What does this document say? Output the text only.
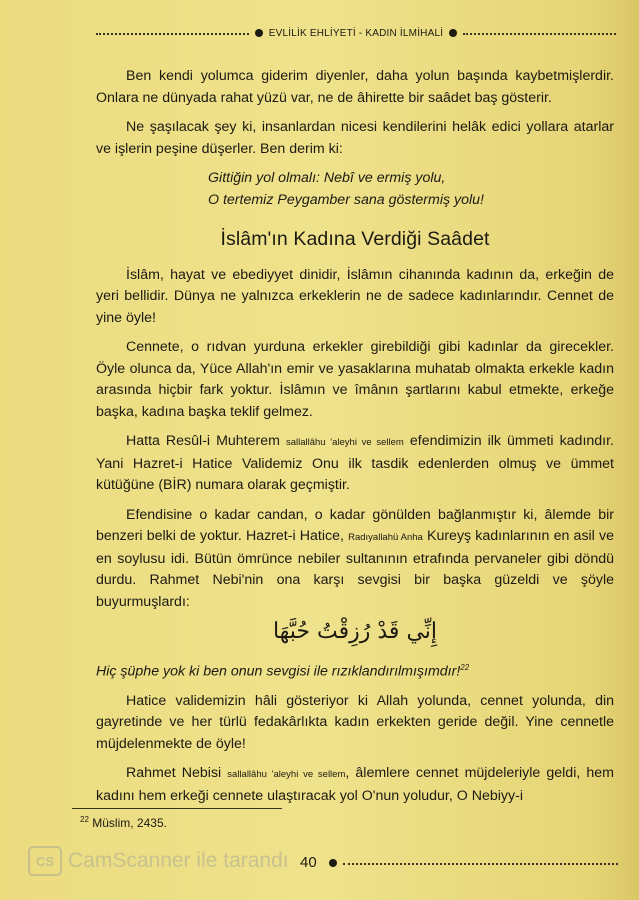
EVLİLİK EHLİYETİ - KADIN İLMİHALİ

Ben kendi yolumca giderim diyenler, daha yolun başında kaybetmişlerdir. Onlara ne dünyada rahat yüzü var, ne de âhirette bir saâdet baş gösterir.

Ne şaşılacak şey ki, insanlardan nicesi kendilerini helâk edici yollara atarlar ve işlerin peşine düşerler. Ben derim ki:

Gittiğin yol olmalı: Nebî ve ermiş yolu,

O tertemiz Peygamber sana göstermiş yolu!

İslâm'ın Kadına Verdiği Saâdet

İslâm, hayat ve ebediyyet dinidir, İslâmın cihanında kadının da, erkeğin de yeri bellidir. Dünya ne yalnızca erkeklerin ne de sadece kadınlarındır. Cennet de yine öyle!

Cennete, o rıdvan yurduna erkekler girebildiği gibi kadınlar da girecekler. Öyle olunca da, Yüce Allah'ın emir ve yasaklarına muhatab olmakta erkekle kadın arasında hiçbir fark yoktur. İslâmın ve îmânın şartlarını kabul etmekte, erkeğe başka, kadına başka teklif gelmez.

Hatta Resûl-i Muhterem sallallâhu 'aleyhi ve sellem efendimizin ilk ümmeti kadındır. Yani Hazret-i Hatice Validemiz Onu ilk tasdik edenlerden olmuş ve ümmet kütüğüne (BİR) numara olarak geçmiştir.

Efendisine o kadar candan, o kadar gönülden bağlanmıştır ki, âlemde bir benzeri belki de yoktur. Hazret-i Hatice, Radıyallahü Anha Kureyş kadınlarının en asil ve en soylusu idi. Bütün ömrünce nebiler sultanının etrafında pervaneler gibi döndü durdu. Rahmet Nebi'nin ona karşı sevgisi bir başka güzeldi ve şöyle buyurmuşlardı:

إِنِّي قَدْ رُزِقْتُ حُبَّهَا

Hiç şüphe yok ki ben onun sevgisi ile rızıklandırılmışımdır!$^{22}$

Hatice validemizin hâli gösteriyor ki Allah yolunda, cennet yolunda, din gayretinde ve her türlü fedakârlıkta kadın erkekten geride değil. Yine cennetle müjdelenmekte de öyle!

Rahmet Nebisi sallallâhu 'aleyhi ve sellem, âlemlere cennet müjdeleriyle geldi, hem kadını hem erkeği cennete ulaştıracak yol O'nun yoludur, O Nebiyy-i

$^{22}$ Müslim, 2435.
CS CamScanner ile tarandı 40
